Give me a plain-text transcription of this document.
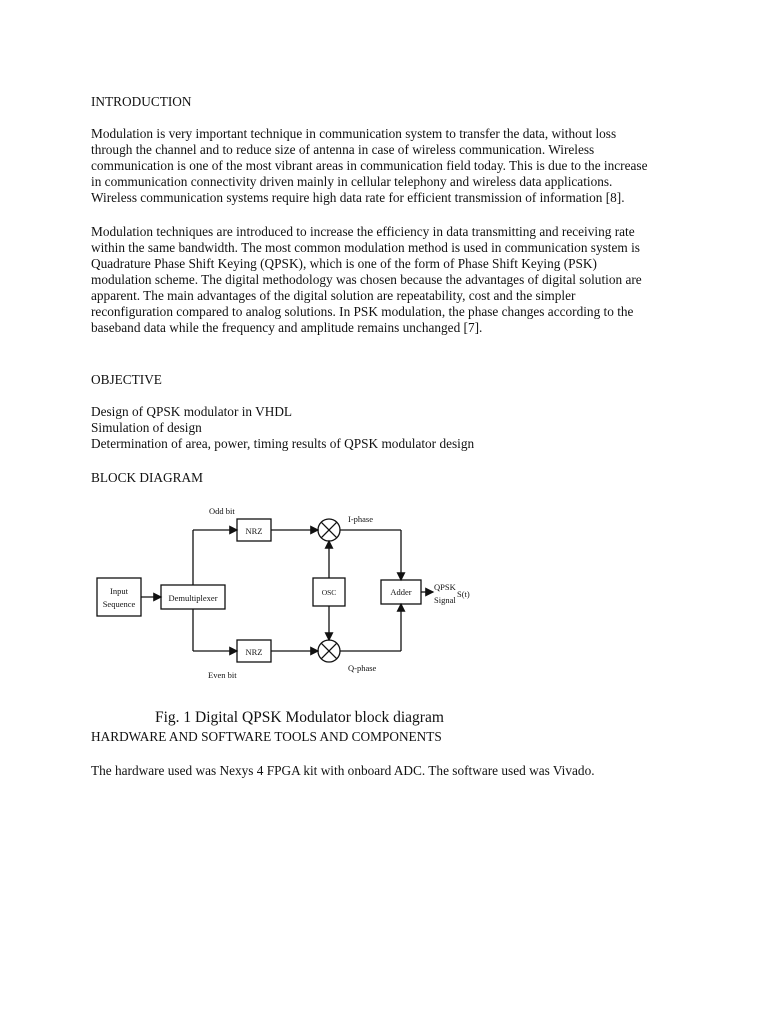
INTRODUCTION
Modulation is very important technique in communication system to transfer the data, without loss
through the channel and to reduce size of antenna in case of wireless communication. Wireless
communication is one of the most vibrant areas in communication field today. This is due to the increase
in communication connectivity driven mainly in cellular telephony and wireless data applications.
Wireless communication systems require high data rate for efficient transmission of information [8].
Modulation techniques are introduced to increase the efficiency in data transmitting and receiving rate
within the same bandwidth. The most common modulation method is used in communication system is
Quadrature Phase Shift Keying (QPSK), which is one of the form of Phase Shift Keying (PSK)
modulation scheme. The digital methodology was chosen because the advantages of digital solution are
apparent. The main advantages of the digital solution are repeatability, cost and the simpler
reconfiguration compared to analog solutions. In PSK modulation, the phase changes according to the
baseband data while the frequency and amplitude remains unchanged [7].
OBJECTIVE
Design of QPSK modulator in VHDL
Simulation of design
Determination of area, power, timing results of QPSK modulator design
BLOCK DIAGRAM
Odd bit
Even bit
NRZ
NRZ
Input
Sequence
Demultiplexer
OSC	Adder
I-phase
Q-phase
QPSK
Signal
S(t)
Fig. 1 Digital QPSK Modulator block diagram
HARDWARE AND SOFTWARE TOOLS AND COMPONENTS
The hardware used was Nexys 4 FPGA kit with onboard ADC. The software used was Vivado.
